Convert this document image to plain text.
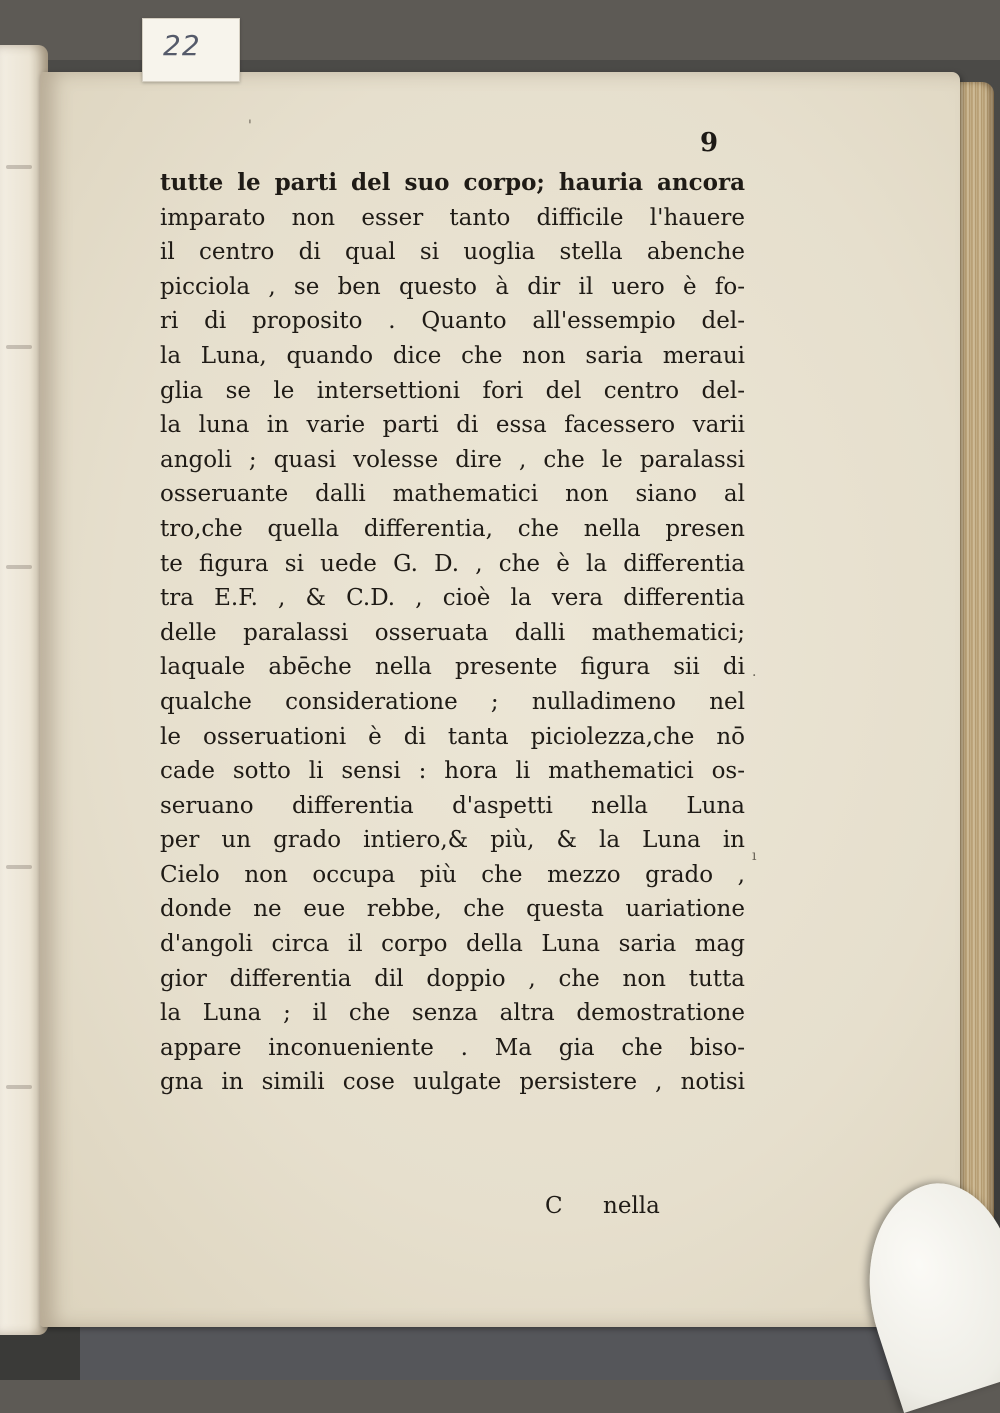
22
'
·
ı
9
tutte le parti del suo corpo; hauria ancora
imparato non esser tanto difficile l'hauere
il centro di qual si uoglia stella abenche
picciola , se ben questo à dir il uero è fo-
ri di proposito . Quanto all'essempio del-
la Luna, quando dice che non saria meraui
glia se le intersettioni fori del centro del-
la luna in varie parti di essa facessero varii
angoli ; quasi volesse dire , che le paralassi
osseruante dalli mathematici non siano al
tro,che quella differentia, che nella presen
te figura si uede G. D. , che è la differentia
tra E.F. , & C.D. , cioè la vera differentia
delle paralassi osseruata dalli mathematici;
laquale abēche nella presente figura sii di
qualche consideratione ; nulladimeno nel
le osseruationi è di tanta piciolezza,che nō
cade sotto li sensi : hora li mathematici os-
seruano differentia d'aspetti nella Luna
per un grado intiero,& più, & la Luna in
Cielo non occupa più che mezzo grado ,
donde ne eue rebbe, che questa uariatione
d'angoli circa il corpo della Luna saria mag
gior differentia dil doppio , che non tutta
la Luna ; il che senza altra demostratione
appare inconueniente . Ma gia che biso-
gna in simili cose uulgate persistere , notisi
C nella
